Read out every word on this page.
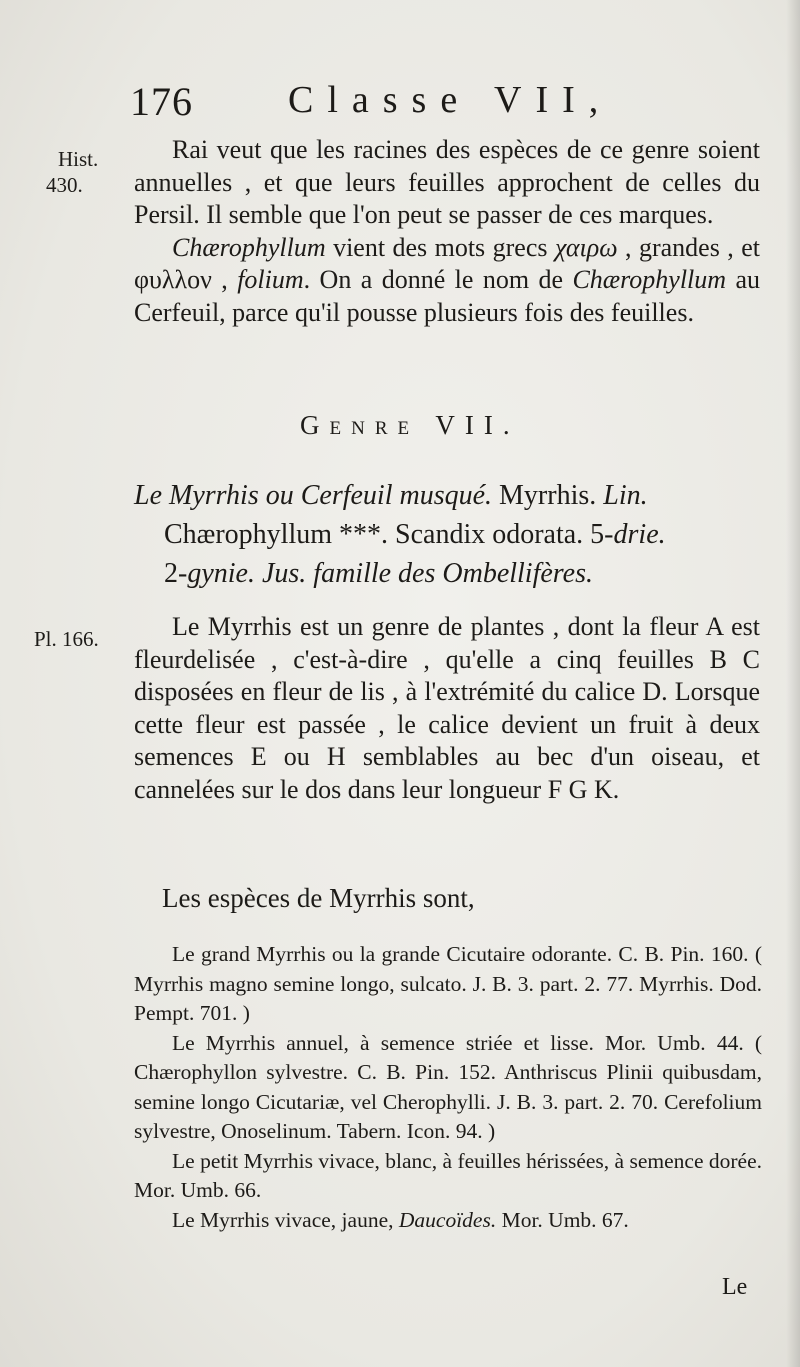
176	Classe VII,
Hist.
430.

Rai veut que les racines des espèces de ce genre soient annuelles , et que leurs feuilles approchent de celles du Persil. Il semble que l'on peut se passer de ces marques.

Chærophyllum vient des mots grecs χαιρω , grandes , et φυλλον , folium. On a donné le nom de Chærophyllum au Cerfeuil, parce qu'il pousse plusieurs fois des feuilles.

Genre VII.

Le Myrrhis ou Cerfeuil musqué. Myrrhis. Lin.

Chærophyllum ***. Scandix odorata. 5-drie.

2-gynie. Jus. famille des Ombellifères.

Pl. 166.	Le Myrrhis est un genre de plantes , dont la fleur A est fleurdelisée , c'est-à-dire , qu'elle a cinq feuilles B C disposées en fleur de lis , à l'extrémité du calice D. Lorsque cette fleur est passée , le calice devient un fruit à deux semences E ou H semblables au bec d'un oiseau, et cannelées sur le dos dans leur longueur F G K.

Les espèces de Myrrhis sont,

Le grand Myrrhis ou la grande Cicutaire odorante. C. B. Pin. 160. ( Myrrhis magno semine longo, sulcato. J. B. 3. part. 2. 77. Myrrhis. Dod. Pempt. 701. )

Le Myrrhis annuel, à semence striée et lisse. Mor. Umb. 44. ( Chærophyllon sylvestre. C. B. Pin. 152. Anthriscus Plinii quibusdam, semine longo Cicutariæ, vel Cherophylli. J. B. 3. part. 2. 70. Cerefolium sylvestre, Onoselinum. Tabern. Icon. 94. )

Le petit Myrrhis vivace, blanc, à feuilles hérissées, à semence dorée. Mor. Umb. 66.

Le Myrrhis vivace, jaune, Daucoïdes. Mor. Umb. 67.

Le
